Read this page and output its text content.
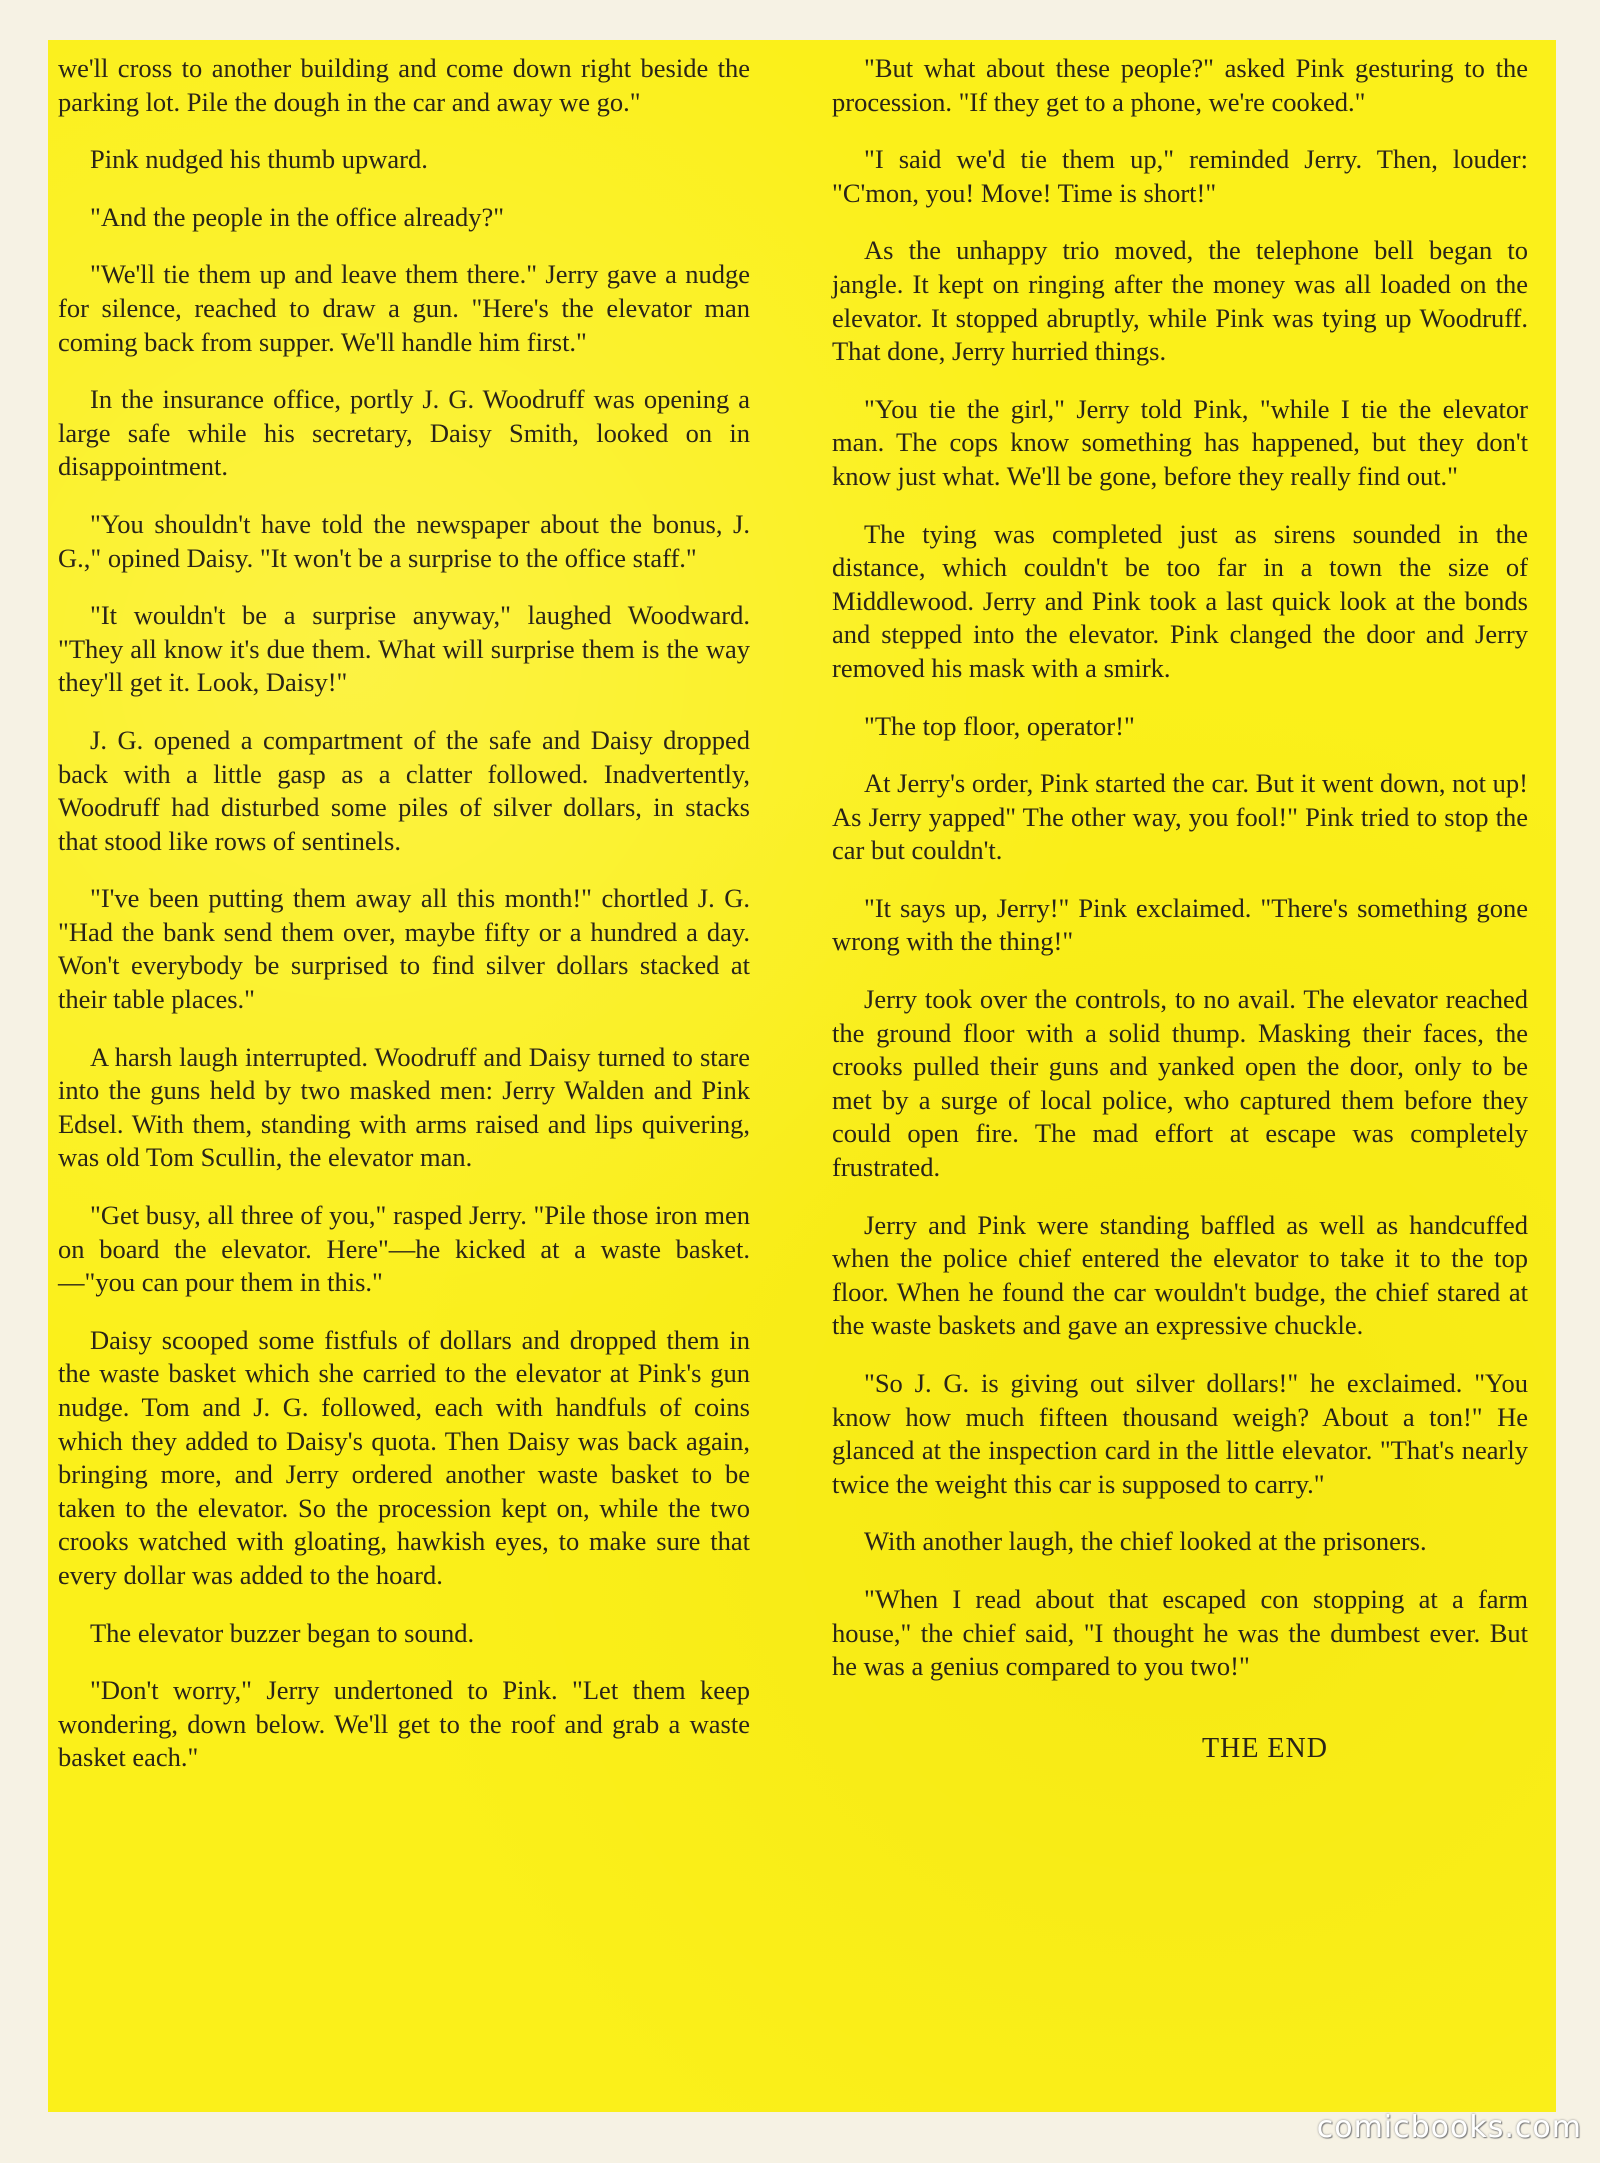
we'll cross to another building and come down right beside the parking lot. Pile the dough in the car and away we go."

Pink nudged his thumb upward.

"And the people in the office already?"

"We'll tie them up and leave them there." Jerry gave a nudge for silence, reached to draw a gun. "Here's the elevator man coming back from supper. We'll handle him first."

In the insurance office, portly J. G. Woodruff was opening a large safe while his secretary, Daisy Smith, looked on in disappointment.

"You shouldn't have told the newspaper about the bonus, J. G.," opined Daisy. "It won't be a surprise to the office staff."

"It wouldn't be a surprise anyway," laughed Woodward. "They all know it's due them. What will surprise them is the way they'll get it. Look, Daisy!"

J. G. opened a compartment of the safe and Daisy dropped back with a little gasp as a clatter followed. Inadvertently, Woodruff had disturbed some piles of silver dollars, in stacks that stood like rows of sentinels.

"I've been putting them away all this month!" chortled J. G. "Had the bank send them over, maybe fifty or a hundred a day. Won't everybody be surprised to find silver dollars stacked at their table places."

A harsh laugh interrupted. Woodruff and Daisy turned to stare into the guns held by two masked men: Jerry Walden and Pink Edsel. With them, standing with arms raised and lips quivering, was old Tom Scullin, the elevator man.

"Get busy, all three of you," rasped Jerry. "Pile those iron men on board the elevator. Here"—he kicked at a waste basket.—"you can pour them in this."

Daisy scooped some fistfuls of dollars and dropped them in the waste basket which she carried to the elevator at Pink's gun nudge. Tom and J. G. followed, each with handfuls of coins which they added to Daisy's quota. Then Daisy was back again, bringing more, and Jerry ordered another waste basket to be taken to the elevator. So the procession kept on, while the two crooks watched with gloating, hawkish eyes, to make sure that every dollar was added to the hoard.

The elevator buzzer began to sound.

"Don't worry," Jerry undertoned to Pink. "Let them keep wondering, down below. We'll get to the roof and grab a waste basket each."

"But what about these people?" asked Pink gesturing to the procession. "If they get to a phone, we're cooked."

"I said we'd tie them up," reminded Jerry. Then, louder: "C'mon, you! Move! Time is short!"

As the unhappy trio moved, the telephone bell began to jangle. It kept on ringing after the money was all loaded on the elevator. It stopped abruptly, while Pink was tying up Woodruff. That done, Jerry hurried things.

"You tie the girl," Jerry told Pink, "while I tie the elevator man. The cops know something has happened, but they don't know just what. We'll be gone, before they really find out."

The tying was completed just as sirens sounded in the distance, which couldn't be too far in a town the size of Middlewood. Jerry and Pink took a last quick look at the bonds and stepped into the elevator. Pink clanged the door and Jerry removed his mask with a smirk.

"The top floor, operator!"

At Jerry's order, Pink started the car. But it went down, not up! As Jerry yapped" The other way, you fool!" Pink tried to stop the car but couldn't.

"It says up, Jerry!" Pink exclaimed. "There's something gone wrong with the thing!"

Jerry took over the controls, to no avail. The elevator reached the ground floor with a solid thump. Masking their faces, the crooks pulled their guns and yanked open the door, only to be met by a surge of local police, who captured them before they could open fire. The mad effort at escape was completely frustrated.

Jerry and Pink were standing baffled as well as handcuffed when the police chief entered the elevator to take it to the top floor. When he found the car wouldn't budge, the chief stared at the waste baskets and gave an expressive chuckle.

"So J. G. is giving out silver dollars!" he exclaimed. "You know how much fifteen thousand weigh? About a ton!" He glanced at the inspection card in the little elevator. "That's nearly twice the weight this car is supposed to carry."

With another laugh, the chief looked at the prisoners.

"When I read about that escaped con stopping at a farm house," the chief said, "I thought he was the dumbest ever. But he was a genius compared to you two!"

THE END

comicbooks.com
